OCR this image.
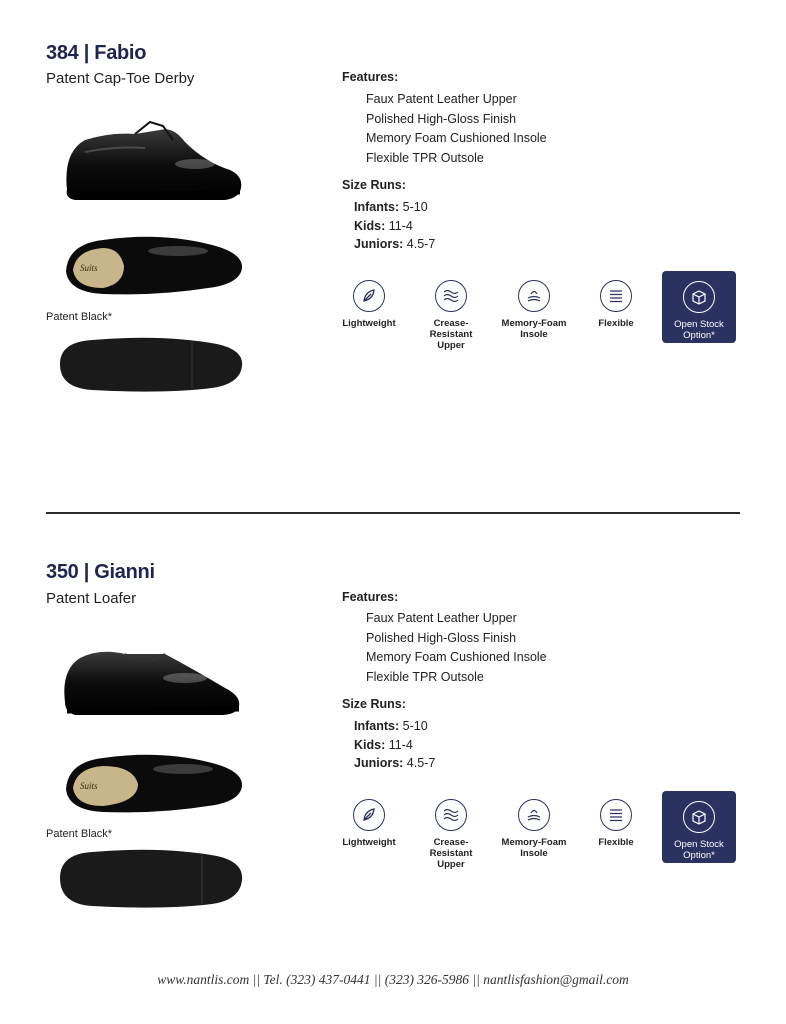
384 | Fabio
Patent Cap-Toe Derby
Suits
Patent Black*
Features:
Faux Patent Leather Upper
Polished High-Gloss Finish
Memory Foam Cushioned Insole
Flexible TPR Outsole
Size Runs:
Infants: 5-10
Kids: 11-4
Juniors: 4.5-7
Lightweight	Crease-Resistant
Upper
Memory-Foam
Insole
Flexible	Open Stock
Option*
350 | Gianni
Patent Loafer
Suits
Patent Black*
Features:
Faux Patent Leather Upper
Polished High-Gloss Finish
Memory Foam Cushioned Insole
Flexible TPR Outsole
Size Runs:
Infants: 5-10
Kids: 11-4
Juniors: 4.5-7
Lightweight	Crease-Resistant
Upper
Memory-Foam
Insole
Flexible	Open Stock
Option*
www.nantlis.com || Tel. (323) 437-0441 || (323) 326-5986 || nantlisfashion@gmail.com
